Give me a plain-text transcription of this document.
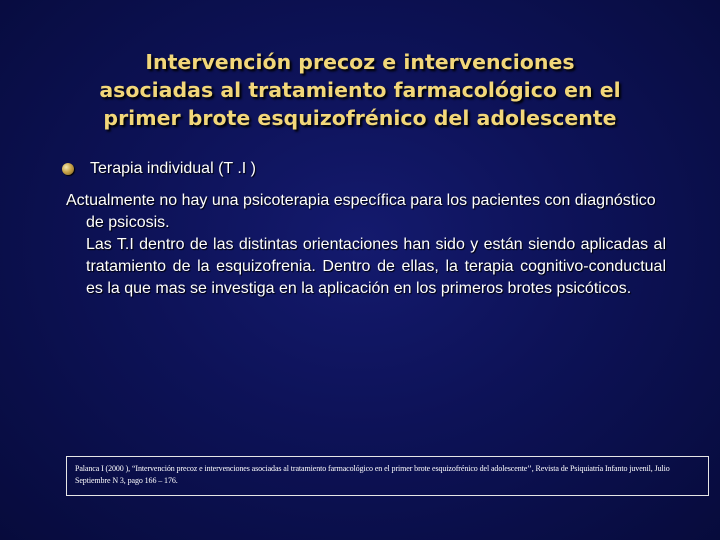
Intervención precoz e intervenciones
asociadas al tratamiento farmacológico en el
primer brote esquizofrénico del adolescente
Terapia individual (T .I )

Actualmente no hay una psicoterapia específica para los pacientes con diagnóstico de psicosis.

Las T.I dentro de las distintas orientaciones han sido y están siendo aplicadas al tratamiento de la esquizofrenia. Dentro de ellas, la terapia cognitivo-conductual es la que mas se investiga en la aplicación en los primeros brotes psicóticos.

Palanca I (2000 ), “Intervención precoz e intervenciones asociadas al tratamiento farmacológico en el primer brote esquizofrénico del adolescente’’, Revista de Psiquiatría Infanto juvenil, Julio Septiembre N 3, pago 166 – 176.
